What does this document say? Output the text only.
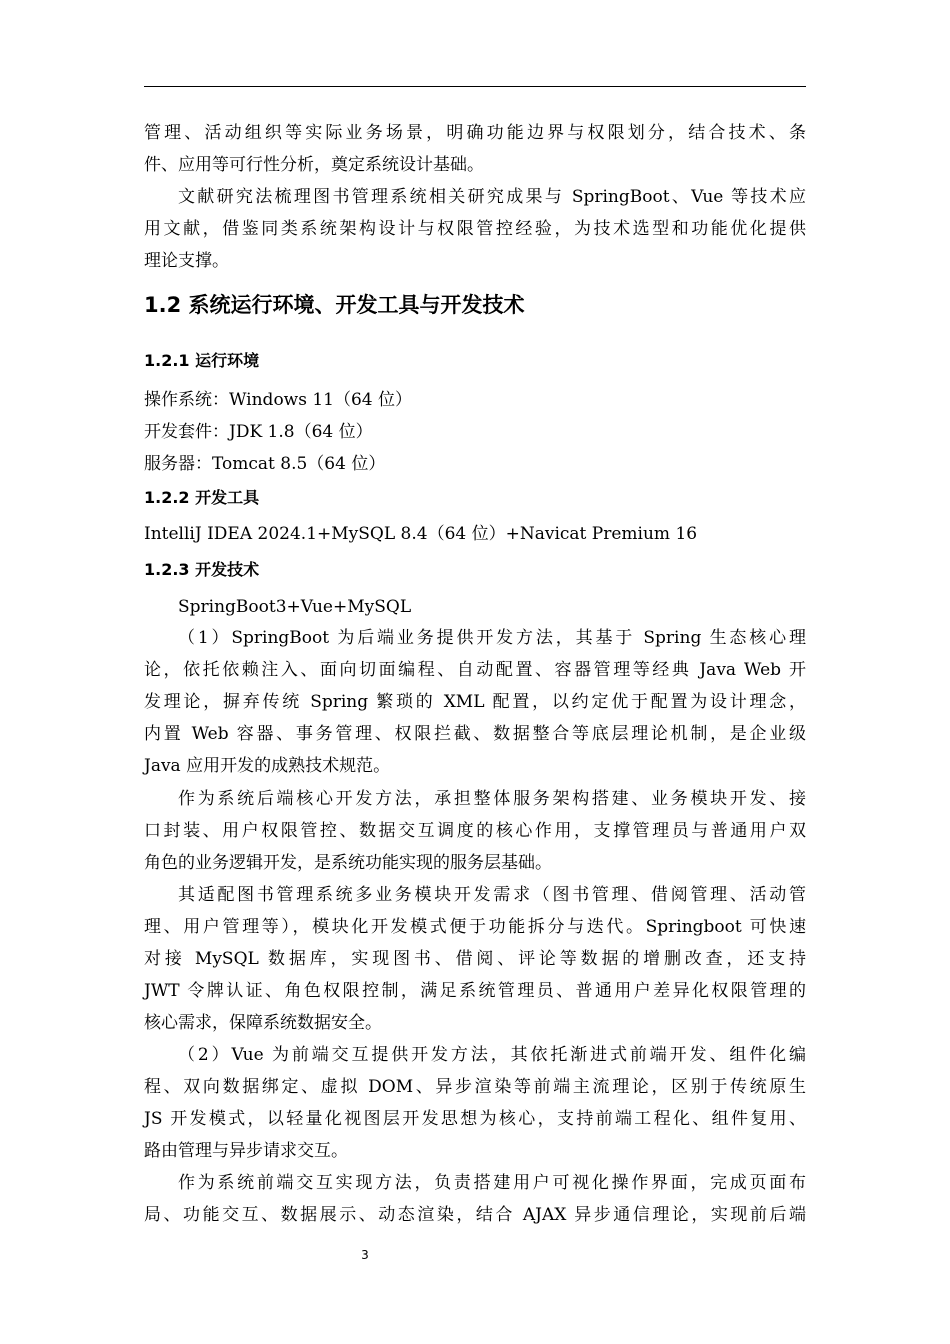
管理、活动组织等实际业务场景，明确功能边界与权限划分，结合技术、条
件、应用等可行性分析，奠定系统设计基础。
文献研究法梳理图书管理系统相关研究成果与 SpringBoot、Vue 等技术应
用文献，借鉴同类系统架构设计与权限管控经验，为技术选型和功能优化提供
理论支撑。
1.2 系统运行环境、开发工具与开发技术
1.2.1 运行环境
操作系统：Windows 11（64 位）
开发套件：JDK 1.8（64 位）
服务器：Tomcat 8.5（64 位）
1.2.2 开发工具
IntelliJ IDEA 2024.1+MySQL 8.4（64 位）+Navicat Premium 16
1.2.3 开发技术
SpringBoot3+Vue+MySQL
（1）SpringBoot 为后端业务提供开发方法，其基于 Spring 生态核心理
论，依托依赖注入、面向切面编程、自动配置、容器管理等经典 Java Web 开
发理论，摒弃传统 Spring 繁琐的 XML 配置，以约定优于配置为设计理念，
内置 Web 容器、事务管理、权限拦截、数据整合等底层理论机制，是企业级
Java 应用开发的成熟技术规范。
作为系统后端核心开发方法，承担整体服务架构搭建、业务模块开发、接
口封装、用户权限管控、数据交互调度的核心作用，支撑管理员与普通用户双
角色的业务逻辑开发，是系统功能实现的服务层基础。
其适配图书管理系统多业务模块开发需求（图书管理、借阅管理、活动管
理、用户管理等），模块化开发模式便于功能拆分与迭代。Springboot 可快速
对接 MySQL 数据库，实现图书、借阅、评论等数据的增删改查，还支持
JWT 令牌认证、角色权限控制，满足系统管理员、普通用户差异化权限管理的
核心需求，保障系统数据安全。
（2）Vue 为前端交互提供开发方法，其依托渐进式前端开发、组件化编
程、双向数据绑定、虚拟 DOM、异步渲染等前端主流理论，区别于传统原生
JS 开发模式，以轻量化视图层开发思想为核心，支持前端工程化、组件复用、
路由管理与异步请求交互。
作为系统前端交互实现方法，负责搭建用户可视化操作界面，完成页面布
局、功能交互、数据展示、动态渲染，结合 AJAX 异步通信理论，实现前后端
3
